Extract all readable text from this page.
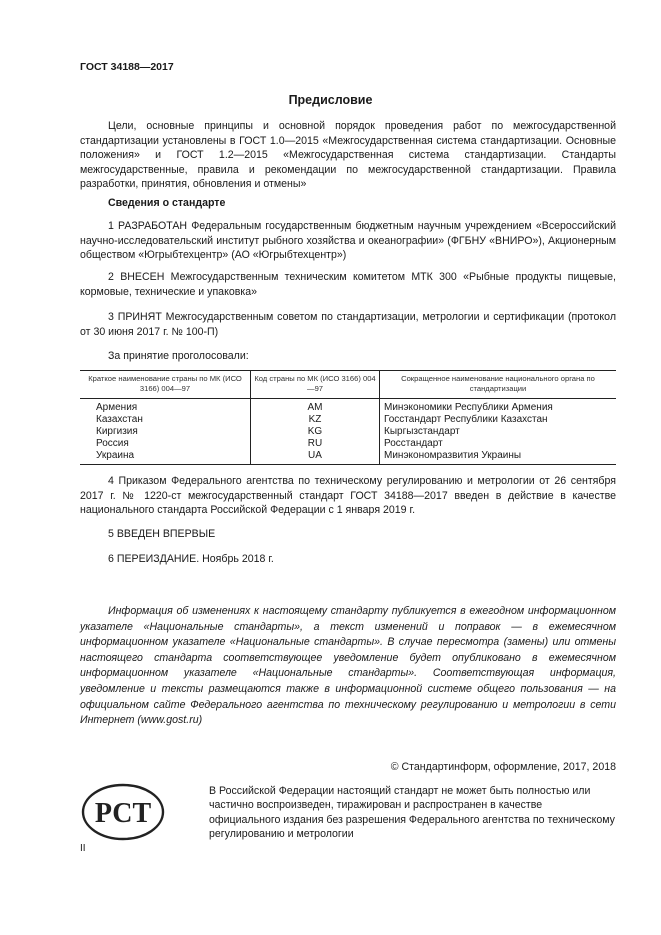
ГОСТ 34188—2017
Предисловие
Цели, основные принципы и основной порядок проведения работ по межгосударственной стандартизации установлены в ГОСТ 1.0—2015 «Межгосударственная система стандартизации. Основные положения» и ГОСТ 1.2—2015 «Межгосударственная система стандартизации. Стандарты межгосударственные, правила и рекомендации по межгосударственной стандартизации. Правила разработки, принятия, обновления и отмены»
Сведения о стандарте
1 РАЗРАБОТАН Федеральным государственным бюджетным научным учреждением «Всероссийский научно-исследовательский институт рыбного хозяйства и океанографии» (ФГБНУ «ВНИРО»), Акционерным обществом «Югрыбтехцентр» (АО «Югрыбтехцентр»)
2 ВНЕСЕН Межгосударственным техническим комитетом МТК 300 «Рыбные продукты пищевые, кормовые, технические и упаковка»
3 ПРИНЯТ Межгосударственным советом по стандартизации, метрологии и сертификации (протокол от 30 июня 2017 г. № 100-П)
За принятие проголосовали:
Краткое наименование страны по МК (ИСО 3166) 004—97	Код страны по МК (ИСО 3166) 004—97	Сокращенное наименование национального органа по стандартизации
Армения	AM	Минэкономики Республики Армения
Казахстан	KZ	Госстандарт Республики Казахстан
Киргизия	KG	Кыргызстандарт
Россия	RU	Росстандарт
Украина	UA	Минэкономразвития Украины
4 Приказом Федерального агентства по техническому регулированию и метрологии от 26 сентября 2017 г. № 1220-ст межгосударственный стандарт ГОСТ 34188—2017 введен в действие в качестве национального стандарта Российской Федерации с 1 января 2019 г.
5 ВВЕДЕН ВПЕРВЫЕ
6 ПЕРЕИЗДАНИЕ. Ноябрь 2018 г.
Информация об изменениях к настоящему стандарту публикуется в ежегодном информационном указателе «Национальные стандарты», а текст изменений и поправок — в ежемесячном информационном указателе «Национальные стандарты». В случае пересмотра (замены) или отмены настоящего стандарта соответствующее уведомление будет опубликовано в ежемесячном информационном указателе «Национальные стандарты». Соответствующая информация, уведомление и тексты размещаются также в информационной системе общего пользования — на официальном сайте Федерального агентства по техническому регулированию и метрологии в сети Интернет (www.gost.ru)
© Стандартинформ, оформление, 2017, 2018
РСТ
В Российской Федерации настоящий стандарт не может быть полностью или частично воспроизведен, тиражирован и распространен в качестве официального издания без разрешения Федерального агентства по техническому регулированию и метрологии
II
